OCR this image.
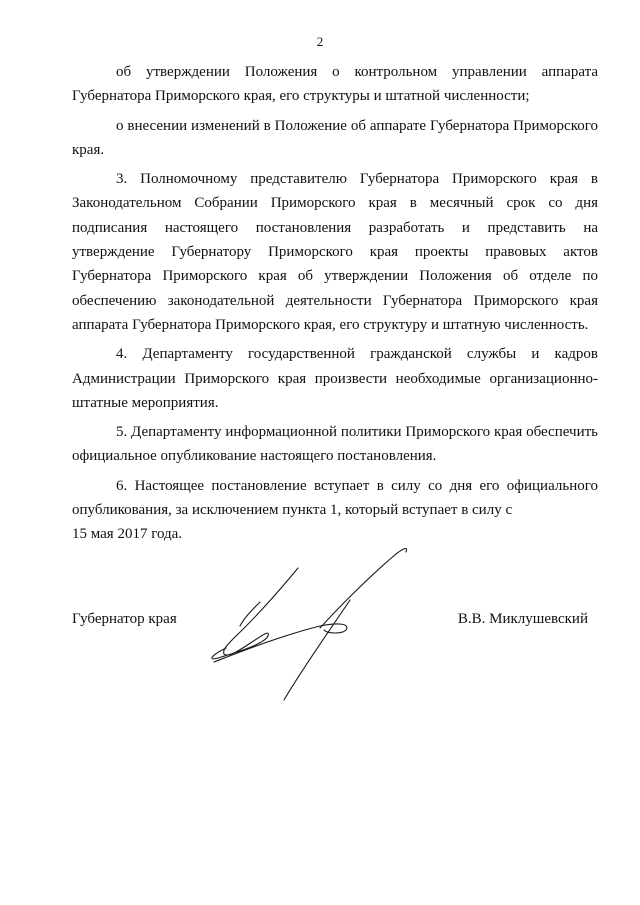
2

об утверждении Положения о контрольном управлении аппарата Губернатора Приморского края, его структуры и штатной численности;

о внесении изменений в Положение об аппарате Губернатора Приморского края.

3. Полномочному представителю Губернатора Приморского края в Законодательном Собрании Приморского края в месячный срок со дня подписания настоящего постановления разработать и представить на утверждение Губернатору Приморского края проекты правовых актов Губернатора Приморского края об утверждении Положения об отделе по обеспечению законодательной деятельности Губернатора Приморского края аппарата Губернатора Приморского края, его структуру и штатную численность.

4. Департаменту государственной гражданской службы и кадров Администрации Приморского края произвести необходимые организационно-штатные мероприятия.

5. Департаменту информационной политики Приморского края обеспечить официальное опубликование настоящего постановления.

6. Настоящее постановление вступает в силу со дня его официального опубликования, за исключением пункта 1, который вступает в силу с

15 мая 2017 года.

Губернатор края	В.В. Миклушевский
